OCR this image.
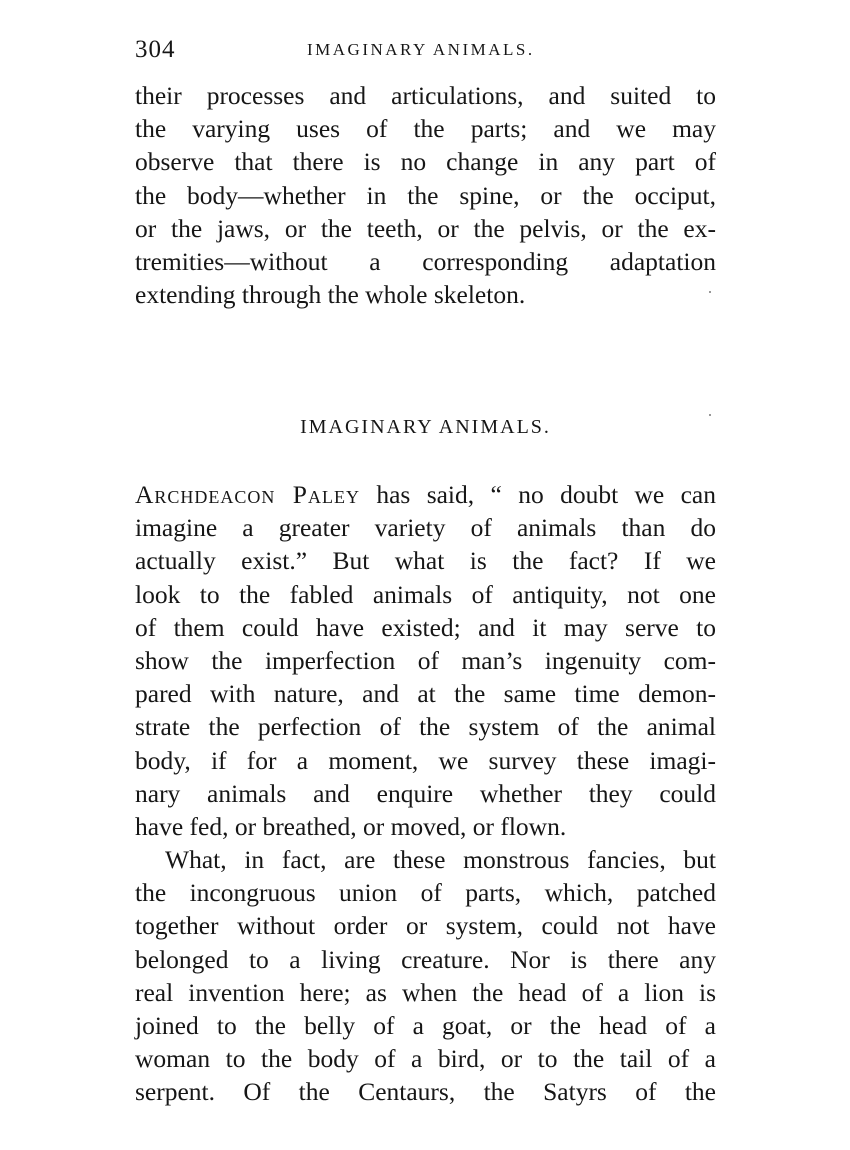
304	IMAGINARY ANIMALS.
their processes and articulations, and suited to
the varying uses of the parts; and we may
observe that there is no change in any part of
the body—whether in the spine, or the occiput,
or the jaws, or the teeth, or the pelvis, or the ex-
tremities—without a corresponding adaptation
extending through the whole skeleton.
IMAGINARY ANIMALS.
Archdeacon Paley has said, “ no doubt we can
imagine a greater variety of animals than do
actually exist.” But what is the fact? If we
look to the fabled animals of antiquity, not one
of them could have existed; and it may serve to
show the imperfection of man’s ingenuity com-
pared with nature, and at the same time demon-
strate the perfection of the system of the animal
body, if for a moment, we survey these imagi-
nary animals and enquire whether they could
have fed, or breathed, or moved, or flown.
What, in fact, are these monstrous fancies, but
the incongruous union of parts, which, patched
together without order or system, could not have
belonged to a living creature. Nor is there any
real invention here; as when the head of a lion is
joined to the belly of a goat, or the head of a
woman to the body of a bird, or to the tail of a
serpent. Of the Centaurs, the Satyrs of the
